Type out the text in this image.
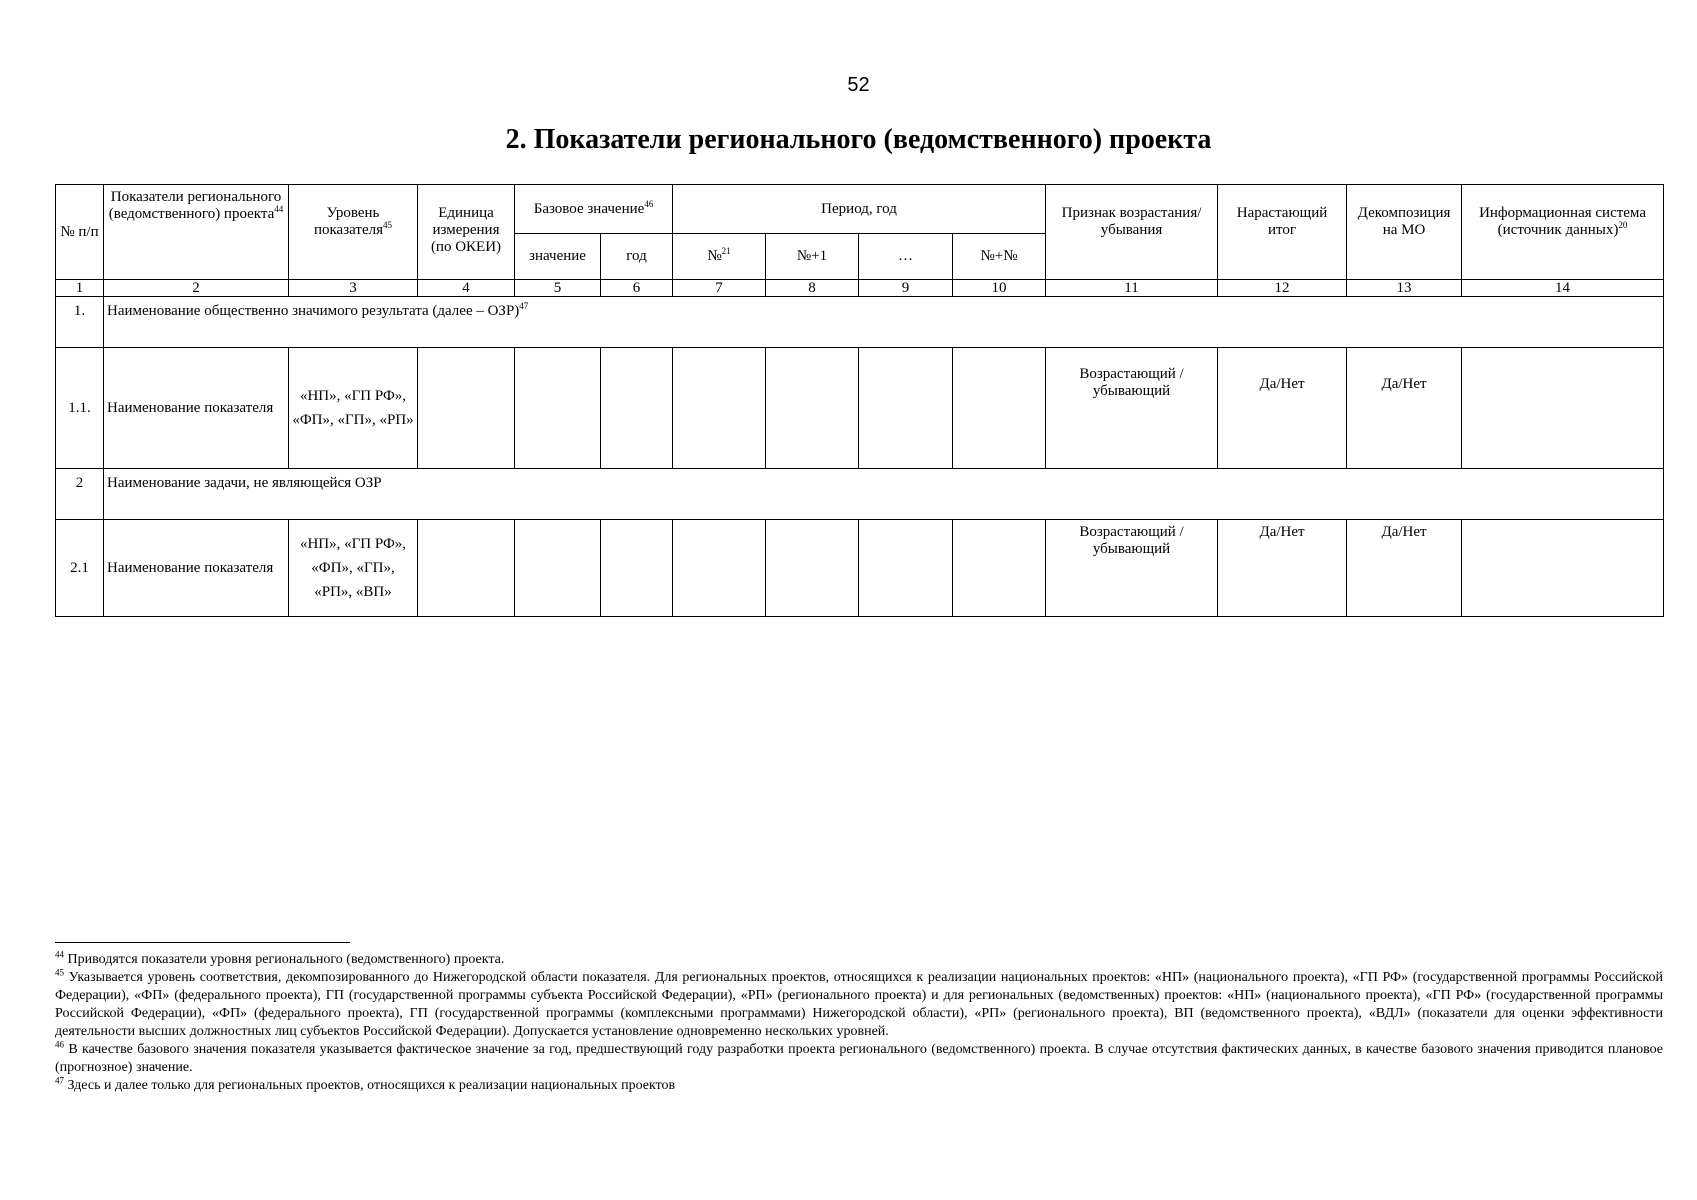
52
2. Показатели регионального (ведомственного) проекта
№ п/п	Показатели регионального (ведомственного) проекта$^{44}$	Уровень показателя$^{45}$	Единица измерения (по ОКЕИ)	Базовое значение$^{46}$		Период, год				Признак возрастания/убывания	Нарастающий итог	Декомпозиция на МО	Информационная система (источник данных)$^{20}$
				значение	год	№$^{21}$	№+1	…	№+№				
1	2	3	4	5	6	7	8	9	10	11	12	13	14
1.	Наименование общественно значимого результата (далее – ОЗР)$^{47}$
1.1.	Наименование показателя	«НП», «ГП РФ», «ФП», «ГП», «РП»								Возрастающий / убывающий	Да/Нет	Да/Нет	
2	Наименование задачи, не являющейся ОЗР												
2.1	Наименование показателя	«НП», «ГП РФ», «ФП», «ГП», «РП», «ВП»								Возрастающий / убывающий	Да/Нет	Да/Нет	

$^{44}$ Приводятся показатели уровня регионального (ведомственного) проекта.

$^{45}$ Указывается уровень соответствия, декомпозированного до Нижегородской области показателя. Для региональных проектов, относящихся к реализации национальных проектов: «НП» (национального проекта), «ГП РФ» (государственной программы Российской Федерации), «ФП» (федерального проекта), ГП (государственной программы субъекта Российской Федерации), «РП» (регионального проекта) и для региональных (ведомственных) проектов: «НП» (национального проекта), «ГП РФ» (государственной программы Российской Федерации), «ФП» (федерального проекта), ГП (государственной программы (комплексными программами) Нижегородской области), «РП» (регионального проекта), ВП (ведомственного проекта), «ВДЛ» (показатели для оценки эффективности деятельности высших должностных лиц субъектов Российской Федерации). Допускается установление одновременно нескольких уровней.

$^{46}$ В качестве базового значения показателя указывается фактическое значение за год, предшествующий году разработки проекта регионального (ведомственного) проекта. В случае отсутствия фактических данных, в качестве базового значения приводится плановое (прогнозное) значение.

$^{47}$ Здесь и далее только для региональных проектов, относящихся к реализации национальных проектов
